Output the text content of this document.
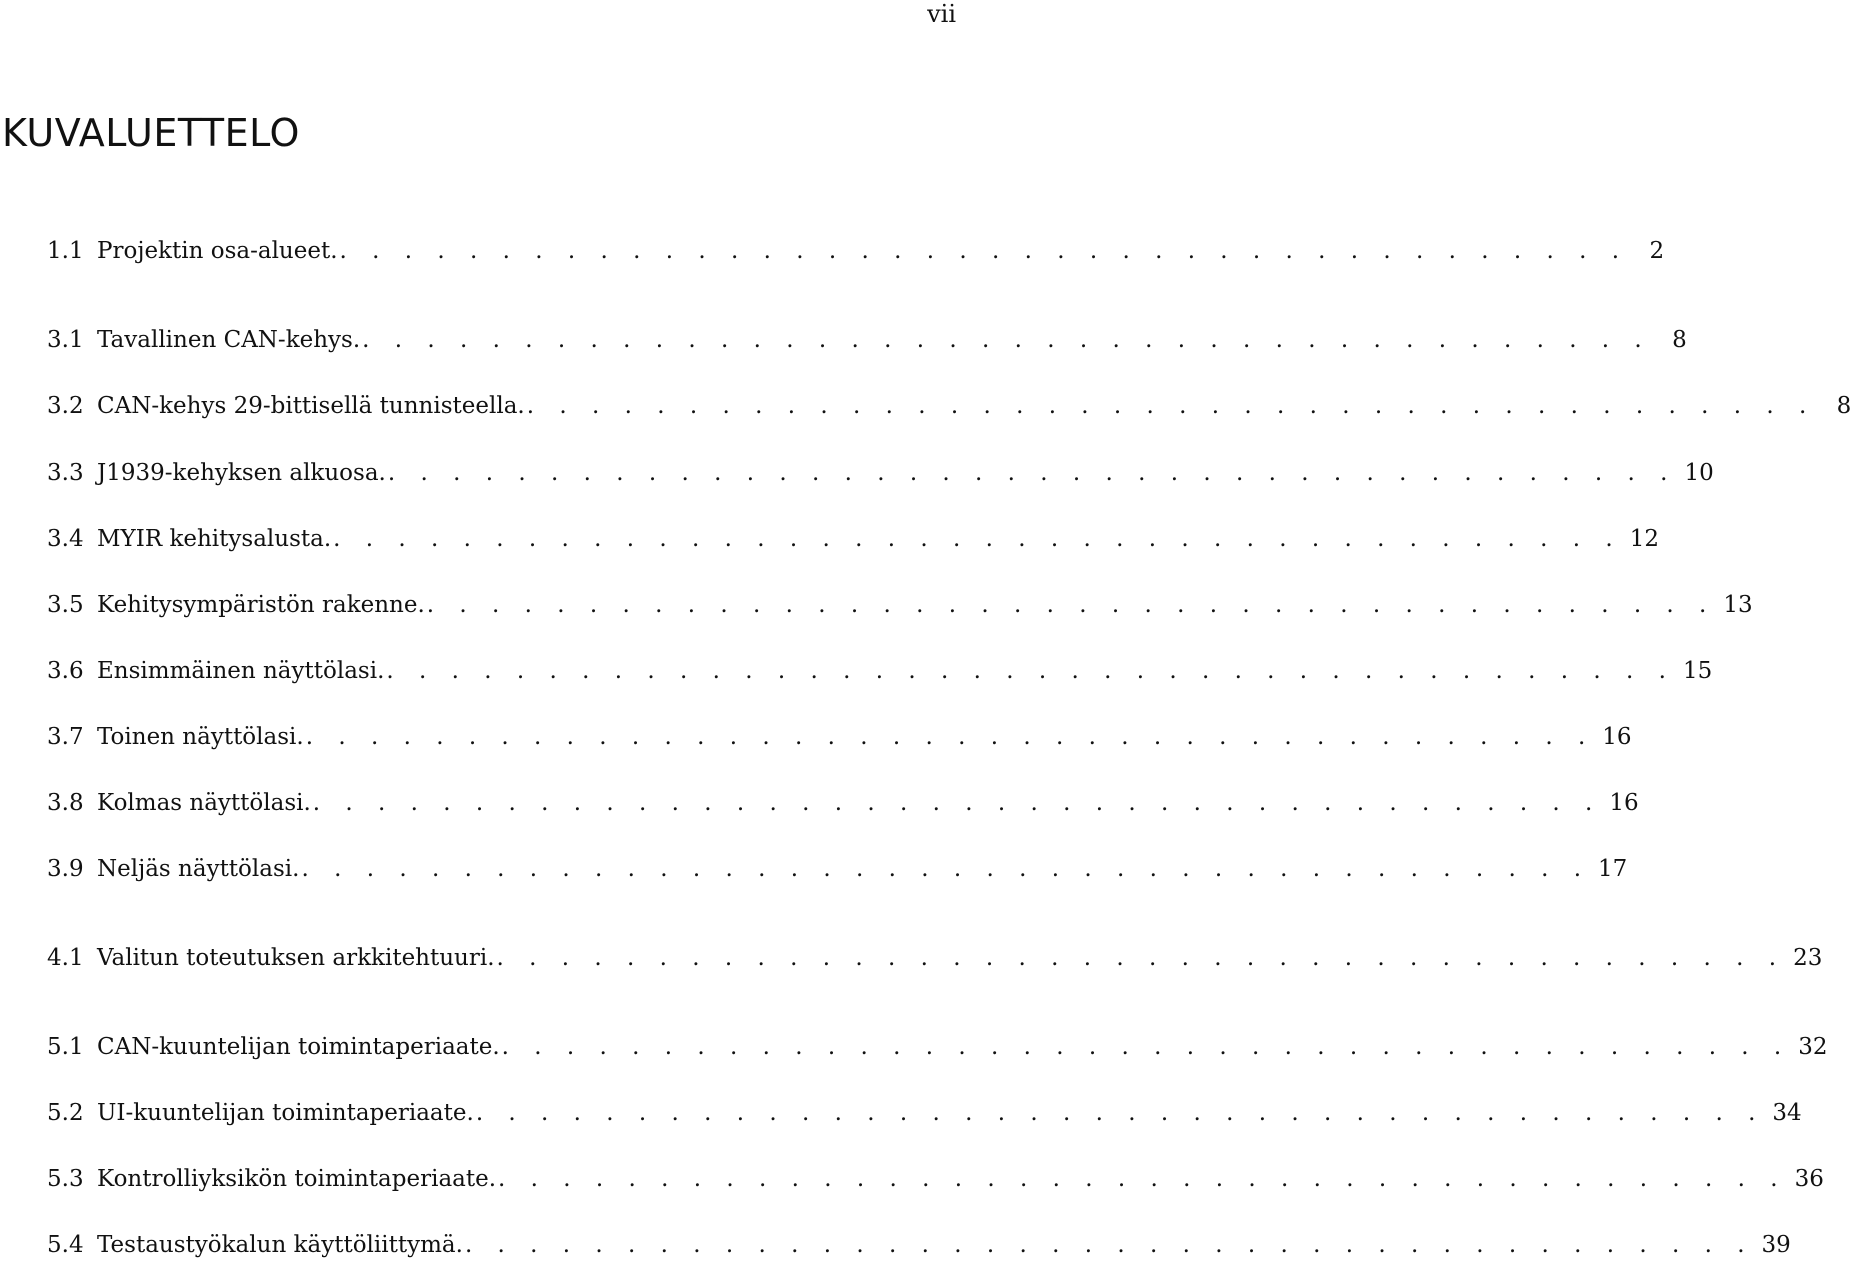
vii
KUVALUETTELO
1.1 Projektin osa-alueet. . . . . . . . . . . . . . . . . . . . . . . . . . . . . . . . . . . . . . . . . 2
3.1 Tavallinen CAN-kehys. . . . . . . . . . . . . . . . . . . . . . . . . . . . . . . . . . . . . . . . . 8
3.2 CAN-kehys 29-bittisellä tunnisteella. . . . . . . . . . . . . . . . . . . . . . . . . . . . . . . . . . . . . . . . . 8
3.3 J1939-kehyksen alkuosa. . . . . . . . . . . . . . . . . . . . . . . . . . . . . . . . . . . . . . . . . 10
3.4 MYIR kehitysalusta. . . . . . . . . . . . . . . . . . . . . . . . . . . . . . . . . . . . . . . . . 12
3.5 Kehitysympäristön rakenne. . . . . . . . . . . . . . . . . . . . . . . . . . . . . . . . . . . . . . . . . 13
3.6 Ensimmäinen näyttölasi. . . . . . . . . . . . . . . . . . . . . . . . . . . . . . . . . . . . . . . . . 15
3.7 Toinen näyttölasi. . . . . . . . . . . . . . . . . . . . . . . . . . . . . . . . . . . . . . . . . 16
3.8 Kolmas näyttölasi. . . . . . . . . . . . . . . . . . . . . . . . . . . . . . . . . . . . . . . . . 16
3.9 Neljäs näyttölasi. . . . . . . . . . . . . . . . . . . . . . . . . . . . . . . . . . . . . . . . . 17
4.1 Valitun toteutuksen arkkitehtuuri. . . . . . . . . . . . . . . . . . . . . . . . . . . . . . . . . . . . . . . . . 23
5.1 CAN-kuuntelijan toimintaperiaate. . . . . . . . . . . . . . . . . . . . . . . . . . . . . . . . . . . . . . . . . 32
5.2 UI-kuuntelijan toimintaperiaate. . . . . . . . . . . . . . . . . . . . . . . . . . . . . . . . . . . . . . . . . 34
5.3 Kontrolliyksikön toimintaperiaate. . . . . . . . . . . . . . . . . . . . . . . . . . . . . . . . . . . . . . . . . 36
5.4 Testaustyökalun käyttöliittymä. . . . . . . . . . . . . . . . . . . . . . . . . . . . . . . . . . . . . . . . . 39
